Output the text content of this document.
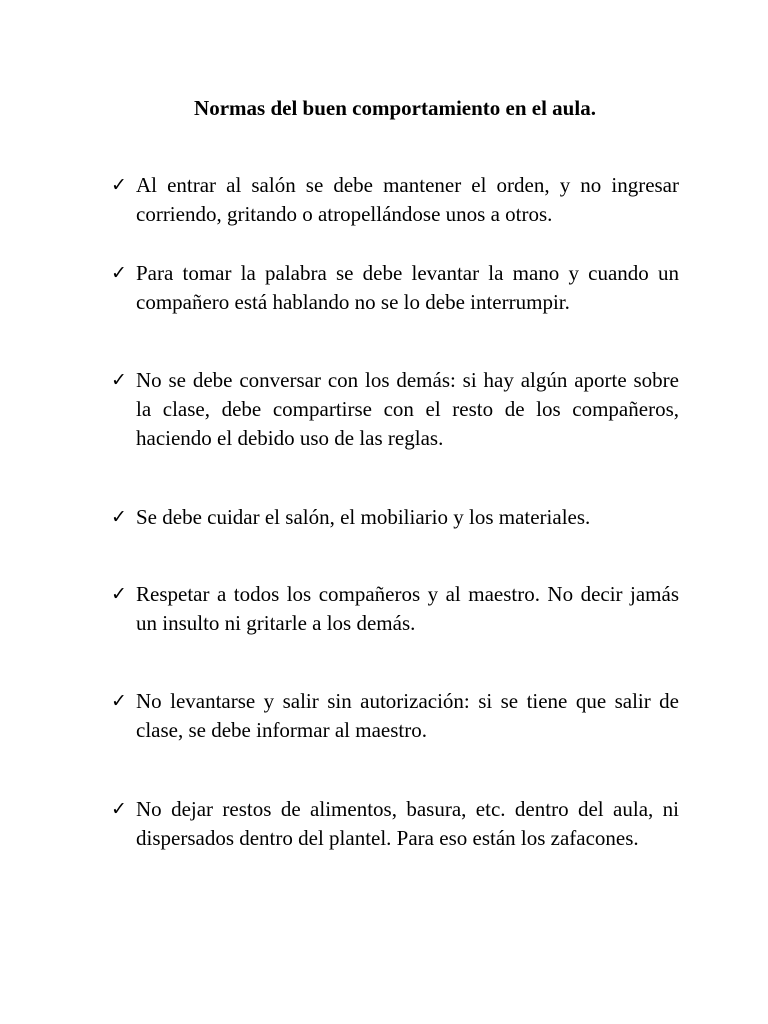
Normas del buen comportamiento en el aula.
✓ Al entrar al salón se debe mantener el orden, y no ingresar corriendo, gritando o atropellándose unos a otros.
✓ Para tomar la palabra se debe levantar la mano y cuando un compañero está hablando no se lo debe interrumpir.
✓ No se debe conversar con los demás: si hay algún aporte sobre la clase, debe compartirse con el resto de los compañeros, haciendo el debido uso de las reglas.
✓ Se debe cuidar el salón, el mobiliario y los materiales.
✓ Respetar a todos los compañeros y al maestro. No decir jamás un insulto ni gritarle a los demás.
✓ No levantarse y salir sin autorización: si se tiene que salir de clase, se debe informar al maestro.
✓ No dejar restos de alimentos, basura, etc. dentro del aula, ni dispersados dentro del plantel. Para eso están los zafacones.
